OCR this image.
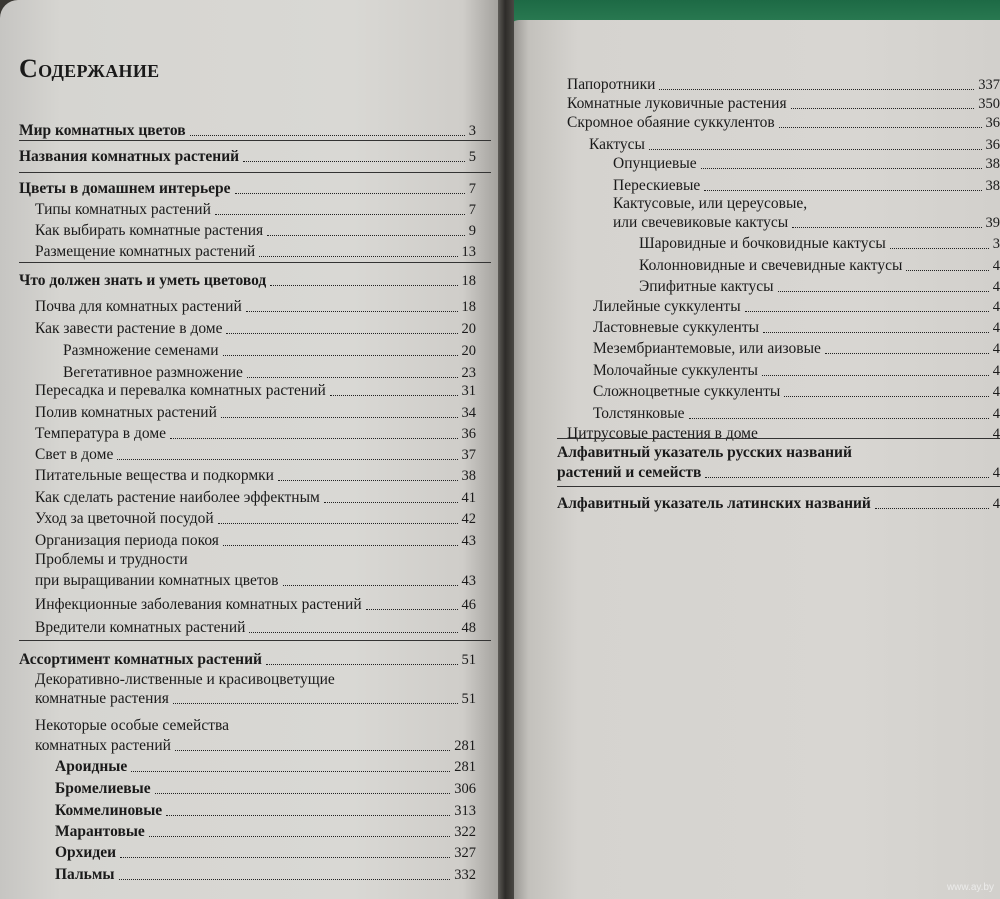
Содержание
Мир комнатных цветов	3
Названия комнатных растений	5
Цветы в домашнем интерьере	7
Типы комнатных растений	7
Как выбирать комнатные растения	9
Размещение комнатных растений	13
Что должен знать и уметь цветовод	18
Почва для комнатных растений	18
Как завести растение в доме	20
Размножение семенами	20
Вегетативное размножение	23
Пересадка и перевалка комнатных растений	31
Полив комнатных растений	34
Температура в доме	36
Свет в доме	37
Питательные вещества и подкормки	38
Как сделать растение наиболее эффектным	41
Уход за цветочной посудой	42
Организация периода покоя	43
Проблемы и трудности
при выращивании комнатных цветов	43
Инфекционные заболевания комнатных растений	46
Вредители комнатных растений	48
Ассортимент комнатных растений	51
Декоративно-лиственные и красивоцветущие
комнатные растения	51
Некоторые особые семейства
комнатных растений	281
Ароидные	281
Бромелиевые	306
Коммелиновые	313
Марантовые	322
Орхидеи	327
Пальмы	332
Папоротники	337
Комнатные луковичные растения	350
Скромное обаяние суккулентов	36
Кактусы	36
Опунциевые	38
Перескиевые	38
Кактусовые, или цереусовые,
или свечевиковые кактусы	39
Шаровидные и бочковидные кактусы	3
Колонновидные и свечевидные кактусы	4
Эпифитные кактусы	4
Лилейные суккуленты	4
Ластовневые суккуленты	4
Мезембриантемовые, или аизовые	4
Молочайные суккуленты	4
Сложноцветные суккуленты	4
Толстянковые	4
Цитрусовые растения в доме	4
Алфавитный указатель русских названий
растений и семейств	4
Алфавитный указатель латинских названий	4
www.ay.by
